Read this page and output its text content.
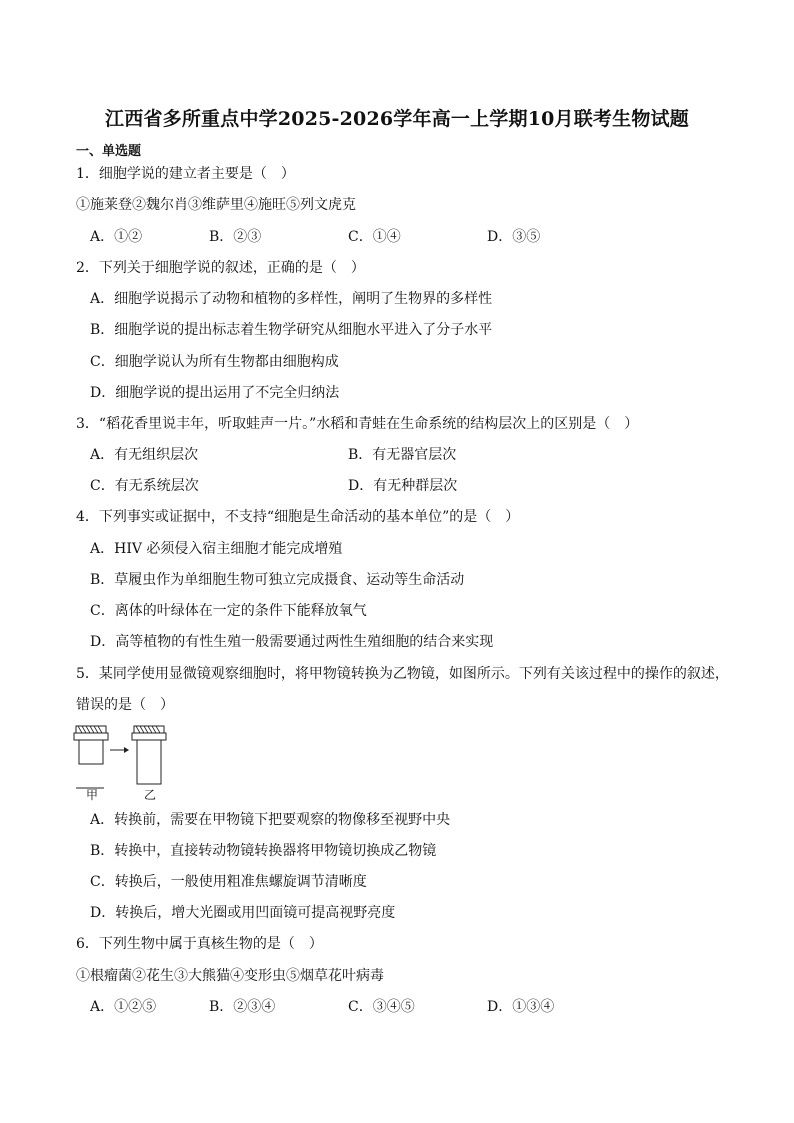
江西省多所重点中学2025-2026学年高一上学期10月联考生物试题
一、单选题
1．细胞学说的建立者主要是（　）
①施莱登②魏尔肖③维萨里④施旺⑤列文虎克
A．①②	B．②③	C．①④	D．③⑤
2．下列关于细胞学说的叙述，正确的是（　）
A．细胞学说揭示了动物和植物的多样性，阐明了生物界的多样性
B．细胞学说的提出标志着生物学研究从细胞水平进入了分子水平
C．细胞学说认为所有生物都由细胞构成
D．细胞学说的提出运用了不完全归纳法
3．“稻花香里说丰年，听取蛙声一片。”水稻和青蛙在生命系统的结构层次上的区别是（　）
A．有无组织层次	B．有无器官层次
C．有无系统层次	D．有无种群层次
4．下列事实或证据中，不支持“细胞是生命活动的基本单位”的是（　）
A．HIV 必须侵入宿主细胞才能完成增殖
B．草履虫作为单细胞生物可独立完成摄食、运动等生命活动
C．离体的叶绿体在一定的条件下能释放氧气
D．高等植物的有性生殖一般需要通过两性生殖细胞的结合来实现
5．某同学使用显微镜观察细胞时，将甲物镜转换为乙物镜，如图所示。下列有关该过程中的操作的叙述，
错误的是（　）
甲	乙
A．转换前，需要在甲物镜下把要观察的物像移至视野中央
B．转换中，直接转动物镜转换器将甲物镜切换成乙物镜
C．转换后，一般使用粗准焦螺旋调节清晰度
D．转换后，增大光圈或用凹面镜可提高视野亮度
6．下列生物中属于真核生物的是（　）
①根瘤菌②花生③大熊猫④变形虫⑤烟草花叶病毒
A．①②⑤	B．②③④	C．③④⑤	D．①③④
